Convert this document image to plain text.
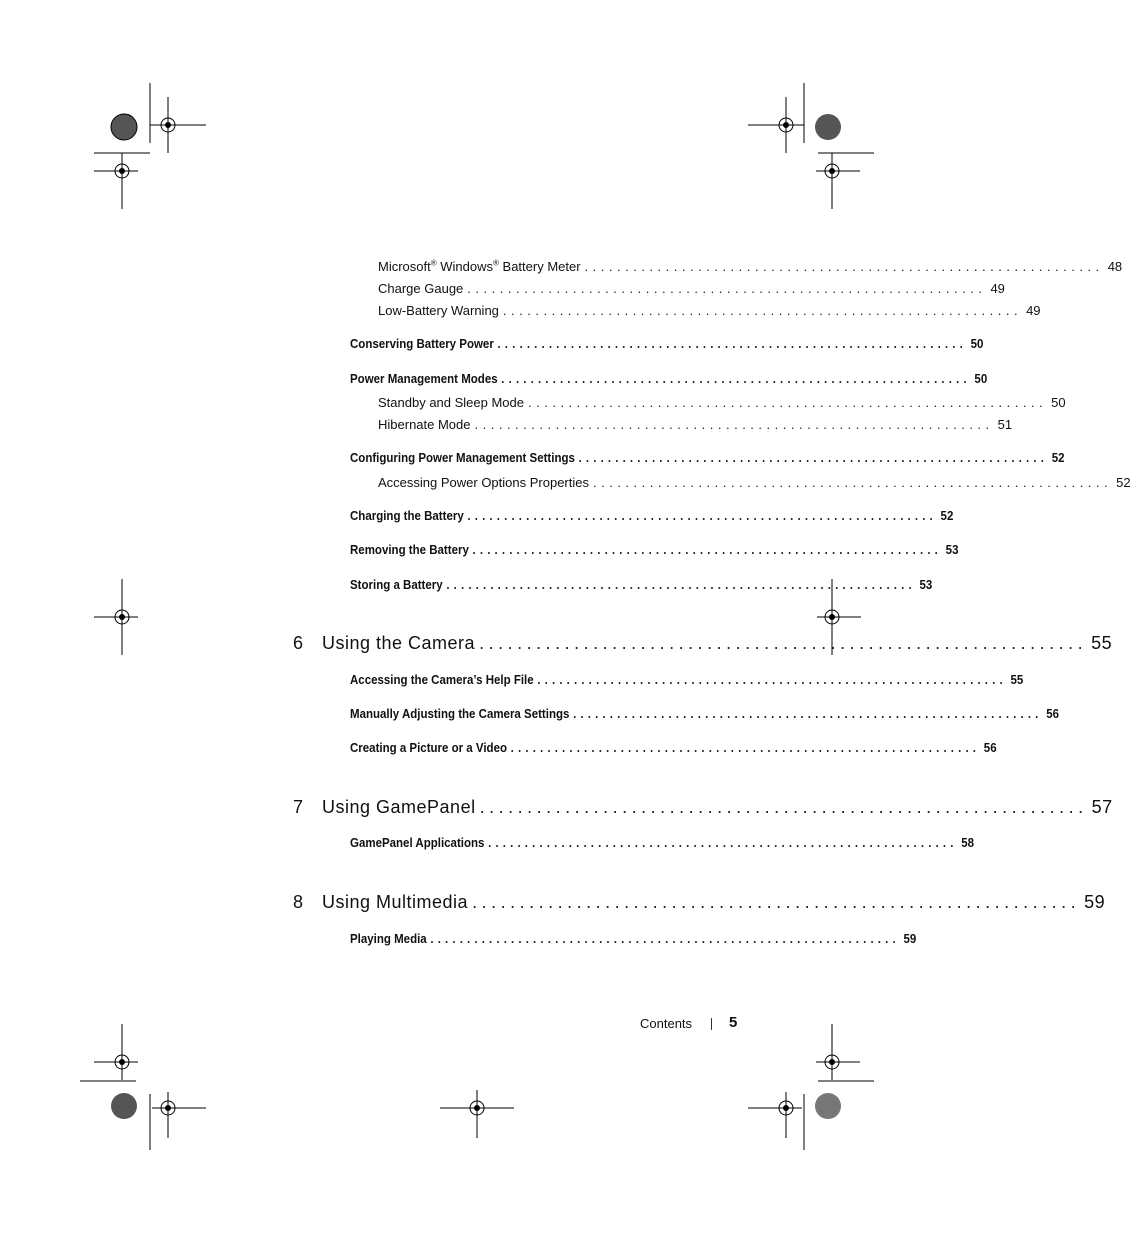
Microsoft® Windows® Battery Meter ................................................................ 48
Charge Gauge ................................................................ 49
Low-Battery Warning ................................................................ 49
Conserving Battery Power ................................................................ 50
Power Management Modes ................................................................ 50
Standby and Sleep Mode ................................................................ 50
Hibernate Mode ................................................................ 51
Configuring Power Management Settings ................................................................ 52
Accessing Power Options Properties ................................................................ 52
Charging the Battery ................................................................ 52
Removing the Battery ................................................................ 53
Storing a Battery ................................................................ 53
6 Using the Camera ................................................................ 55
Accessing the Camera’s Help File ................................................................ 55
Manually Adjusting the Camera Settings ................................................................ 56
Creating a Picture or a Video ................................................................ 56
7 Using GamePanel ................................................................ 57
GamePanel Applications ................................................................ 58
8 Using Multimedia ................................................................ 59
Playing Media ................................................................ 59
Contents 5
